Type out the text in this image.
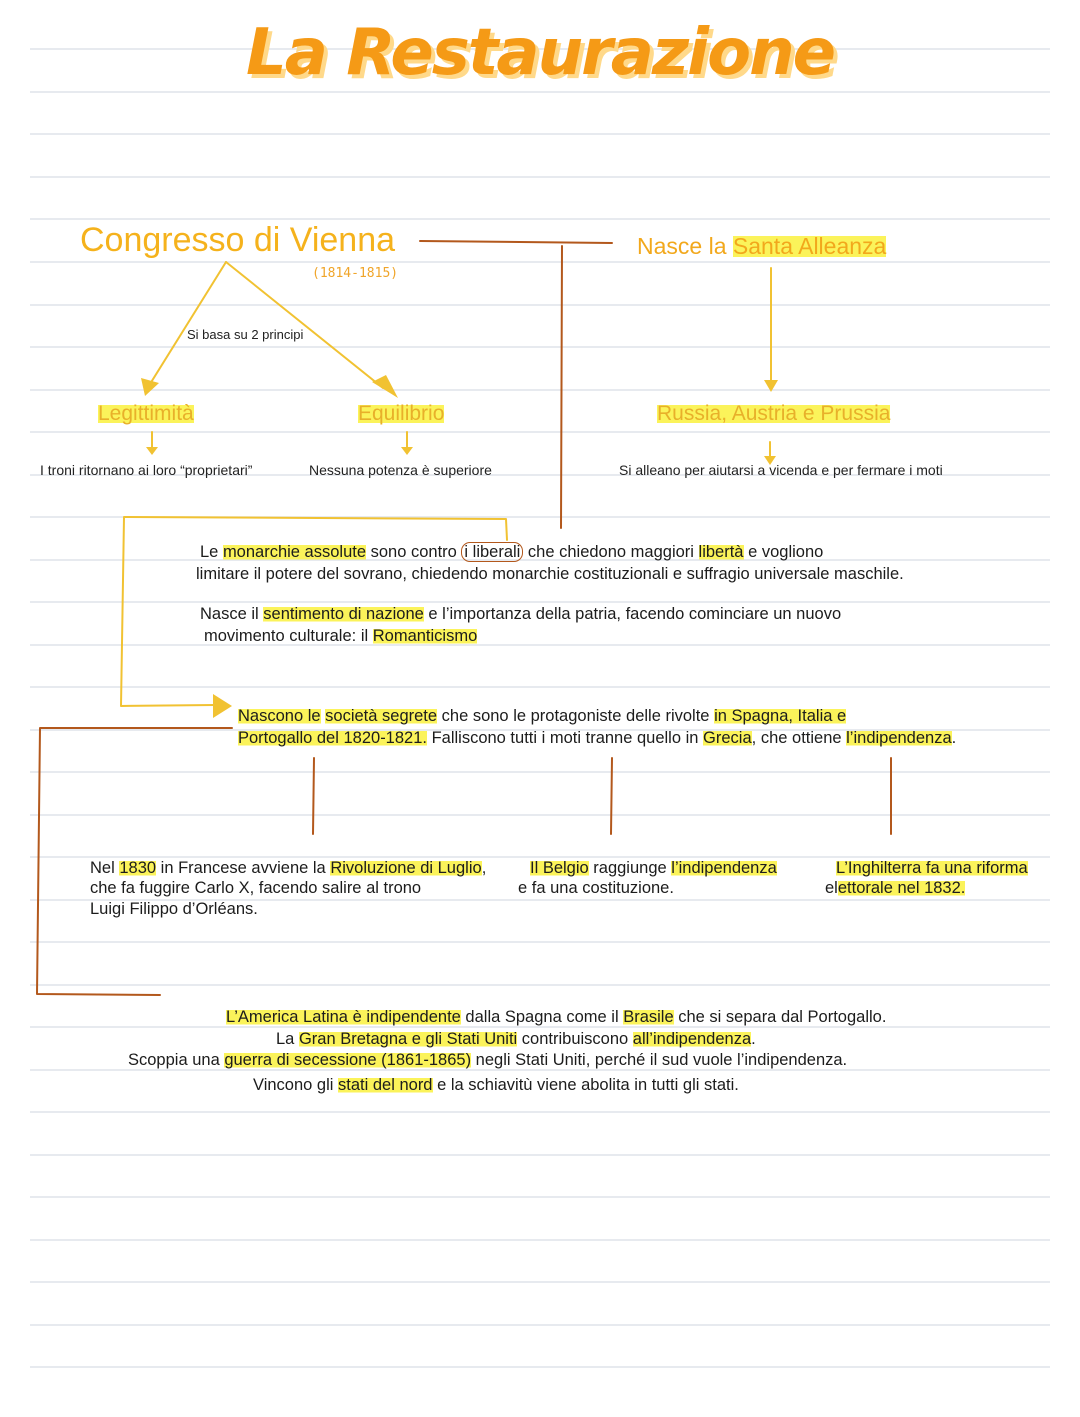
La Restaurazione
Congresso di Vienna
(1814-1815)
Si basa su 2 principi
Legittimità	Equilibrio
I troni ritornano ai loro “proprietari”	Nessuna potenza è superiore
Nasce la Santa Alleanza
Russia, Austria e Prussia
Si alleano per aiutarsi a vicenda e per fermare i moti
Le monarchie assolute sono contro i liberali che chiedono maggiori libertà e vogliono
limitare il potere del sovrano, chiedendo monarchie costituzionali e suffragio universale maschile.
Nasce il sentimento di nazione e l’importanza della patria, facendo cominciare un nuovo
movimento culturale: il Romanticismo
Nascono le società segrete che sono le protagoniste delle rivolte in Spagna, Italia e
Portogallo del 1820-1821. Falliscono tutti i moti tranne quello in Grecia, che ottiene l’indipendenza.
Nel 1830 in Francese avviene la Rivoluzione di Luglio,
che fa fuggire Carlo X, facendo salire al trono
Luigi Filippo d’Orléans.
Il Belgio raggiunge l’indipendenza
e fa una costituzione.
L’Inghilterra fa una riforma
elettorale nel 1832.
L’America Latina è indipendente dalla Spagna come il Brasile che si separa dal Portogallo.
La Gran Bretagna e gli Stati Uniti contribuiscono all’indipendenza.
Scoppia una guerra di secessione (1861-1865) negli Stati Uniti, perché il sud vuole l’indipendenza.
Vincono gli stati del nord e la schiavitù viene abolita in tutti gli stati.
